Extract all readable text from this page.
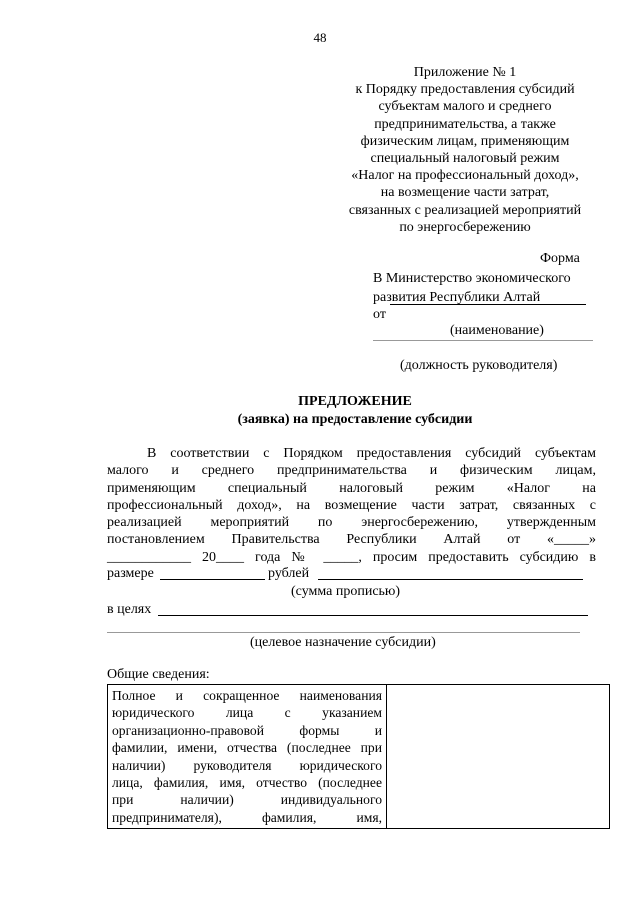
48
Приложение № 1
к Порядку предоставления субсидий
субъектам малого и среднего
предпринимательства, а также
физическим лицам, применяющим
специальный налоговый режим
«Налог на профессиональный доход»,
на возмещение части затрат,
связанных с реализацией мероприятий
по энергосбережению
Форма
В Министерство экономического
развития Республики Алтай
от
(наименование)
(должность руководителя)
ПРЕДЛОЖЕНИЕ
(заявка) на предоставление субсидии
В соответствии с Порядком предоставления субсидий субъектам
малого и среднего предпринимательства и физическим лицам,
применяющим специальный налоговый режим «Налог на
профессиональный доход», на возмещение части затрат, связанных с
реализацией мероприятий по энергосбережению, утвержденным
постановлением Правительства Республики Алтай от «_____»
____________ 20____ года № _____, просим предоставить субсидию в
размере	рублей
(сумма прописью)
в целях
(целевое назначение субсидии)
Общие сведения:
Полное и сокращенное наименования
юридического лица с указанием
организационно-правовой формы и
фамилии, имени, отчества (последнее при
наличии) руководителя юридического
лица, фамилия, имя, отчество (последнее
при наличии) индивидуального
предпринимателя), фамилия, имя,
